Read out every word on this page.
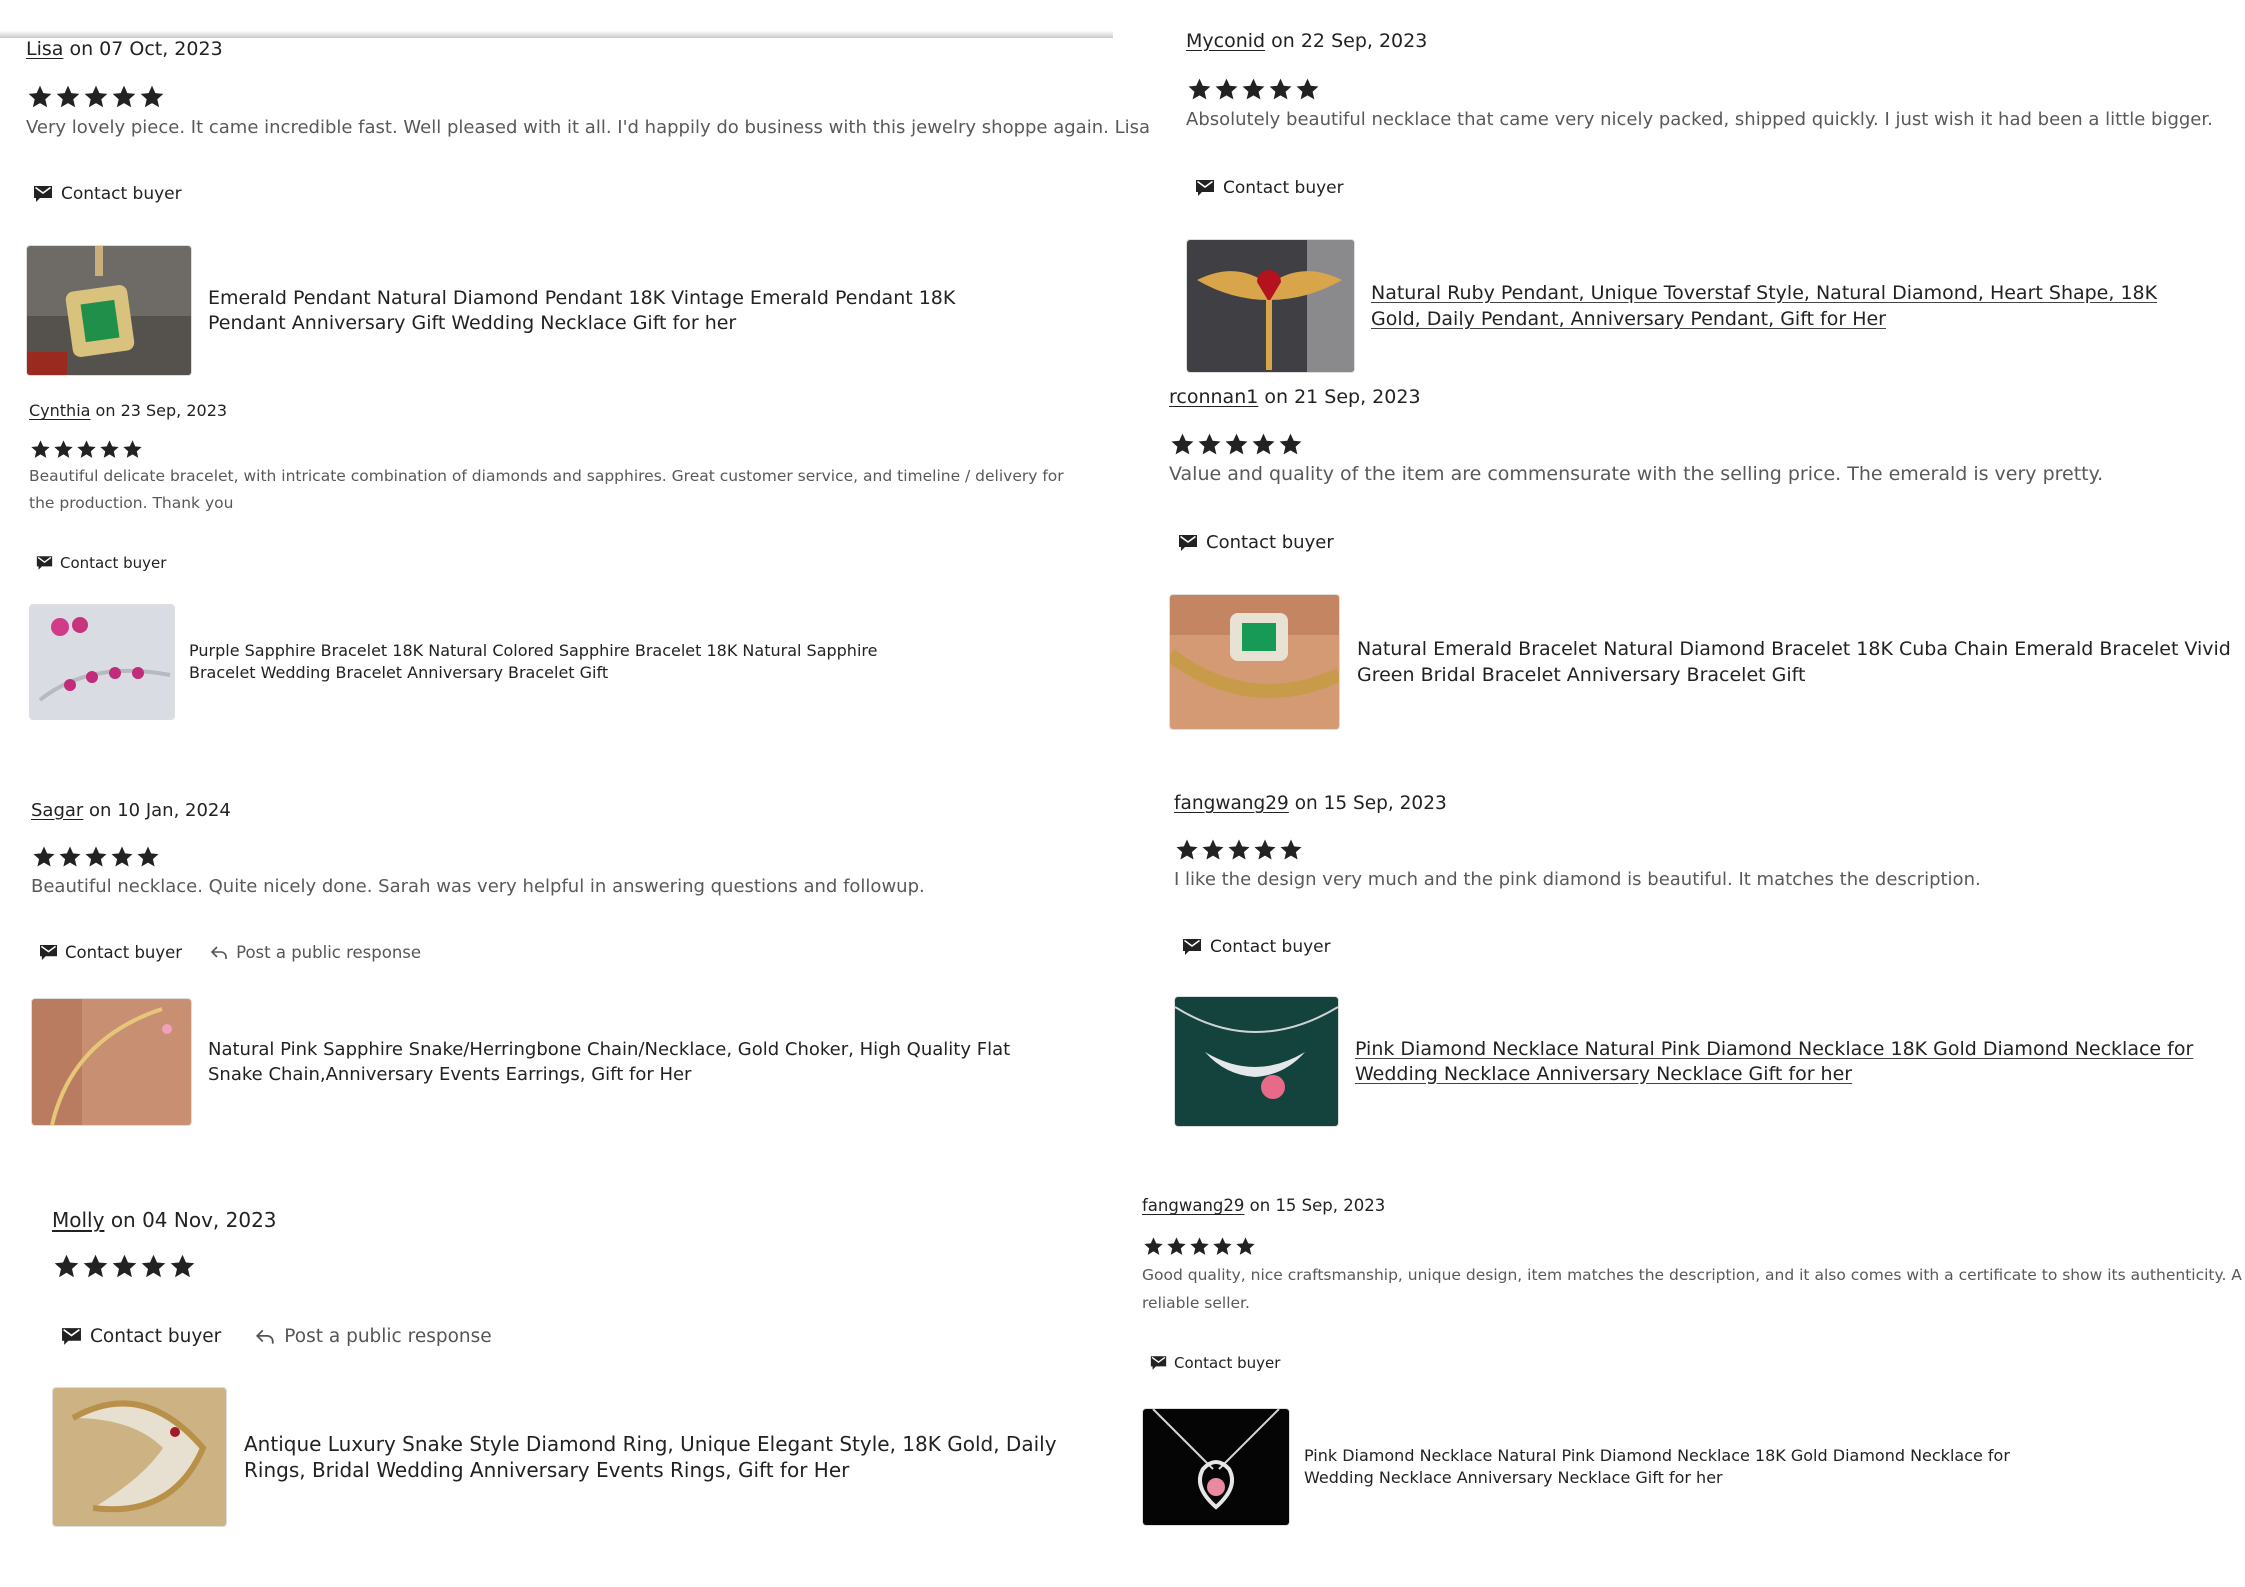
Lisa on 07 Oct, 2023
Very lovely piece. It came incredible fast. Well pleased with it all. I'd happily do business with this jewelry shoppe again. Lisa
Contact buyer
Emerald Pendant Natural Diamond Pendant 18K Vintage Emerald Pendant 18K Pendant Anniversary Gift Wedding Necklace Gift for her
Cynthia on 23 Sep, 2023
Beautiful delicate bracelet, with intricate combination of diamonds and sapphires. Great customer service, and timeline / delivery for the production. Thank you
Contact buyer
Purple Sapphire Bracelet 18K Natural Colored Sapphire Bracelet 18K Natural Sapphire Bracelet Wedding Bracelet Anniversary Bracelet Gift
Sagar on 10 Jan, 2024
Beautiful necklace. Quite nicely done. Sarah was very helpful in answering questions and followup.
Contact buyer	Post a public response
Natural Pink Sapphire Snake/Herringbone Chain/Necklace, Gold Choker, High Quality Flat Snake Chain,Anniversary Events Earrings, Gift for Her
Molly on 04 Nov, 2023
Contact buyer	Post a public response
Antique Luxury Snake Style Diamond Ring, Unique Elegant Style, 18K Gold, Daily Rings, Bridal Wedding Anniversary Events Rings, Gift for Her
Myconid on 22 Sep, 2023
Absolutely beautiful necklace that came very nicely packed, shipped quickly. I just wish it had been a little bigger.
Contact buyer
Natural Ruby Pendant, Unique Toverstaf Style, Natural Diamond, Heart Shape, 18K Gold, Daily Pendant, Anniversary Pendant, Gift for Her
rconnan1 on 21 Sep, 2023
Value and quality of the item are commensurate with the selling price. The emerald is very pretty.
Contact buyer
Natural Emerald Bracelet Natural Diamond Bracelet 18K Cuba Chain Emerald Bracelet Vivid Green Bridal Bracelet Anniversary Bracelet Gift
fangwang29 on 15 Sep, 2023
I like the design very much and the pink diamond is beautiful. It matches the description.
Contact buyer
Pink Diamond Necklace Natural Pink Diamond Necklace 18K Gold Diamond Necklace for Wedding Necklace Anniversary Necklace Gift for her
fangwang29 on 15 Sep, 2023
Good quality, nice craftsmanship, unique design, item matches the description, and it also comes with a certificate to show its authenticity. A reliable seller.
Contact buyer
Pink Diamond Necklace Natural Pink Diamond Necklace 18K Gold Diamond Necklace for Wedding Necklace Anniversary Necklace Gift for her
